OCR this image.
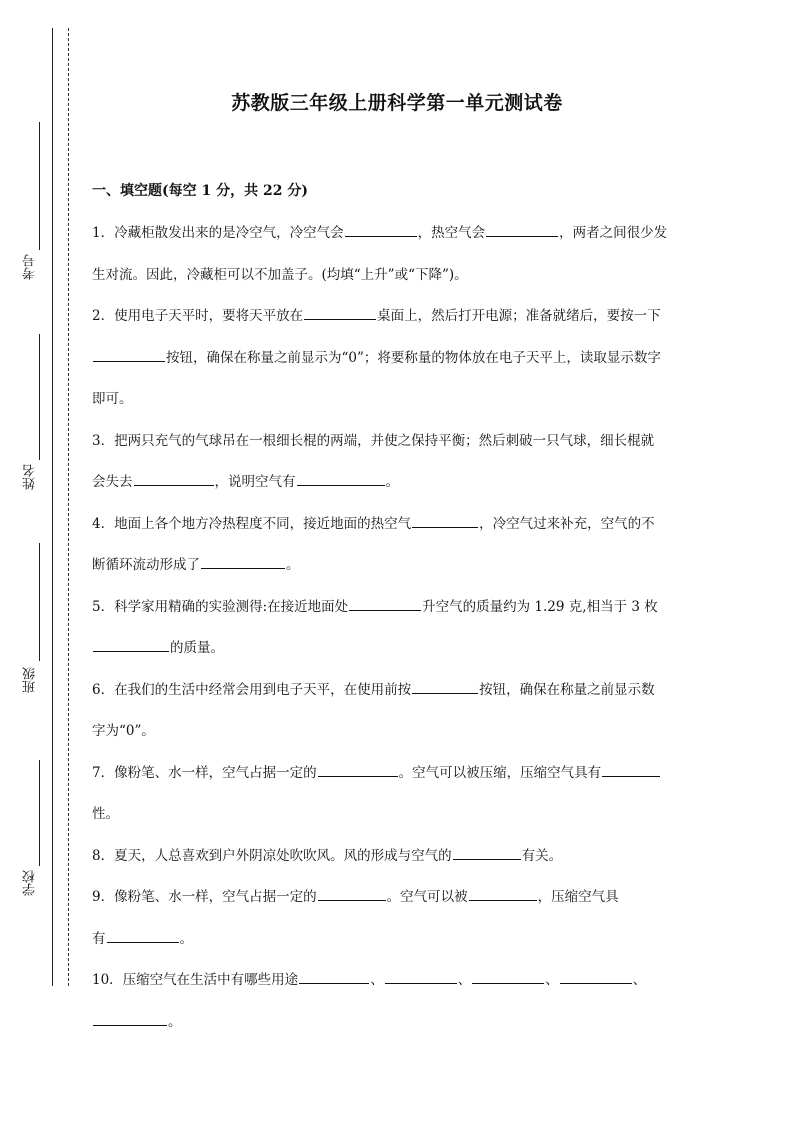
考号
姓名
班级
学校
苏教版三年级上册科学第一单元测试卷
一、填空题(每空 1 分，共 22 分)

1．冷藏柜散发出来的是冷空气，冷空气会	，热空气会	，两者之间很少发

生对流。因此，冷藏柜可以不加盖子。(均填“上升”或“下降”)。

2．使用电子天平时，要将天平放在	桌面上，然后打开电源；准备就绪后，要按一下

按钮，确保在称量之前显示为“0”；将要称量的物体放在电子天平上，读取显示数字

即可。

3．把两只充气的气球吊在一根细长棍的两端，并使之保持平衡；然后刺破一只气球，细长棍就

会失去	，说明空气有	。

4．地面上各个地方冷热程度不同，接近地面的热空气	，冷空气过来补充，空气的不

断循环流动形成了	。

5．科学家用精确的实验测得:在接近地面处	升空气的质量约为 1.29 克,相当于 3 枚

的质量。

6．在我们的生活中经常会用到电子天平，在使用前按	按钮，确保在称量之前显示数

字为“0”。

7．像粉笔、水一样，空气占据一定的	。空气可以被压缩，压缩空气具有

性。

8．夏天，人总喜欢到户外阴凉处吹吹风。风的形成与空气的	有关。

9．像粉笔、水一样，空气占据一定的	。空气可以被	，压缩空气具

有	。

10．压缩空气在生活中有哪些用途	、	、	、	、

。
